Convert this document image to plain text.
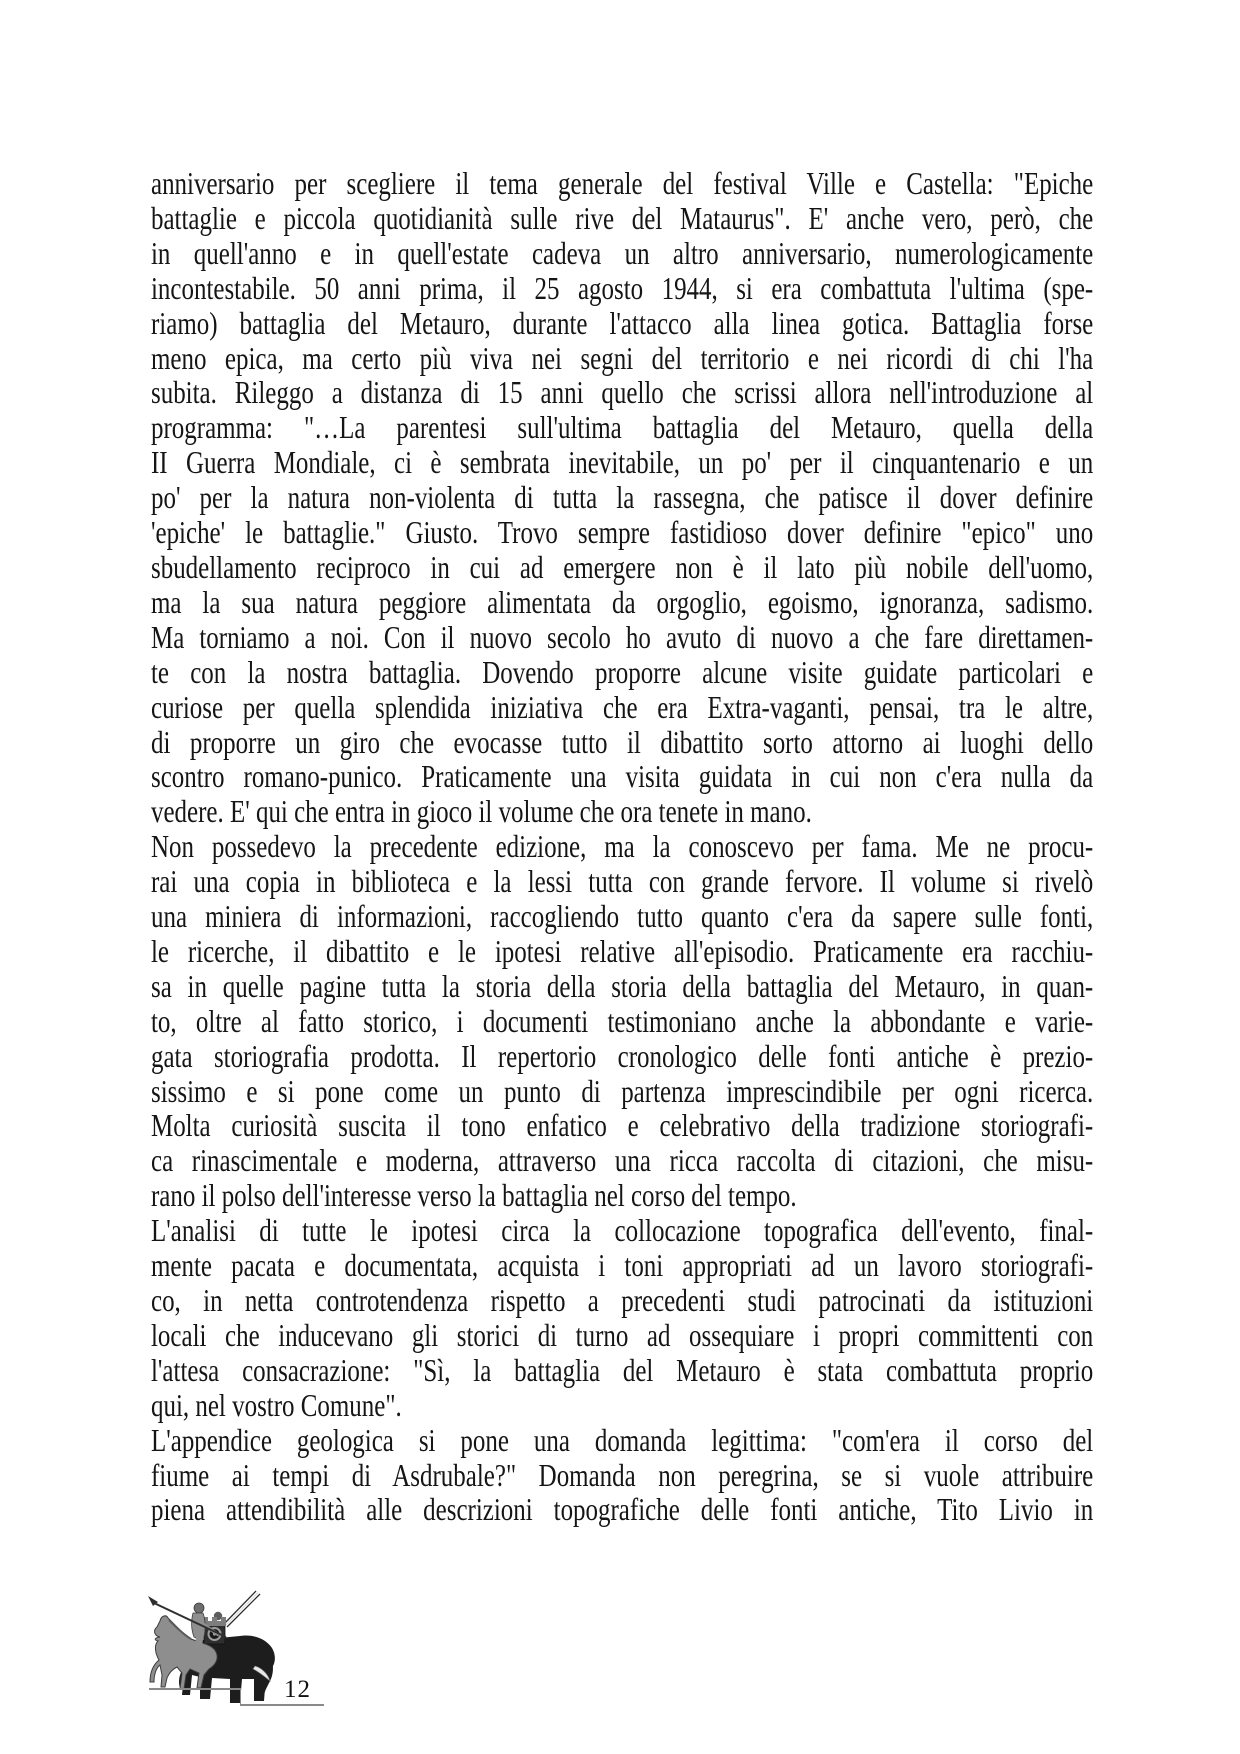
anniversario per scegliere il tema generale del festival Ville e Castella: "Epiche
battaglie e piccola quotidianità sulle rive del Mataurus". E' anche vero, però, che
in quell'anno e in quell'estate cadeva un altro anniversario, numerologicamente
incontestabile. 50 anni prima, il 25 agosto 1944, si era combattuta l'ultima (spe-
riamo) battaglia del Metauro, durante l'attacco alla linea gotica. Battaglia forse
meno epica, ma certo più viva nei segni del territorio e nei ricordi di chi l'ha
subita. Rileggo a distanza di 15 anni quello che scrissi allora nell'introduzione al
programma: "…La parentesi sull'ultima battaglia del Metauro, quella della
II Guerra Mondiale, ci è sembrata inevitabile, un po' per il cinquantenario e un
po' per la natura non-violenta di tutta la rassegna, che patisce il dover definire
'epiche' le battaglie." Giusto. Trovo sempre fastidioso dover definire "epico" uno
sbudellamento reciproco in cui ad emergere non è il lato più nobile dell'uomo,
ma la sua natura peggiore alimentata da orgoglio, egoismo, ignoranza, sadismo.
Ma torniamo a noi. Con il nuovo secolo ho avuto di nuovo a che fare direttamen-
te con la nostra battaglia. Dovendo proporre alcune visite guidate particolari e
curiose per quella splendida iniziativa che era Extra-vaganti, pensai, tra le altre,
di proporre un giro che evocasse tutto il dibattito sorto attorno ai luoghi dello
scontro romano-punico. Praticamente una visita guidata in cui non c'era nulla da
vedere. E' qui che entra in gioco il volume che ora tenete in mano.
Non possedevo la precedente edizione, ma la conoscevo per fama. Me ne procu-
rai una copia in biblioteca e la lessi tutta con grande fervore. Il volume si rivelò
una miniera di informazioni, raccogliendo tutto quanto c'era da sapere sulle fonti,
le ricerche, il dibattito e le ipotesi relative all'episodio. Praticamente era racchiu-
sa in quelle pagine tutta la storia della storia della battaglia del Metauro, in quan-
to, oltre al fatto storico, i documenti testimoniano anche la abbondante e varie-
gata storiografia prodotta. Il repertorio cronologico delle fonti antiche è prezio-
sissimo e si pone come un punto di partenza imprescindibile per ogni ricerca.
Molta curiosità suscita il tono enfatico e celebrativo della tradizione storiografi-
ca rinascimentale e moderna, attraverso una ricca raccolta di citazioni, che misu-
rano il polso dell'interesse verso la battaglia nel corso del tempo.
L'analisi di tutte le ipotesi circa la collocazione topografica dell'evento, final-
mente pacata e documentata, acquista i toni appropriati ad un lavoro storiografi-
co, in netta controtendenza rispetto a precedenti studi patrocinati da istituzioni
locali che inducevano gli storici di turno ad ossequiare i propri committenti con
l'attesa consacrazione: "Sì, la battaglia del Metauro è stata combattuta proprio
qui, nel vostro Comune".
L'appendice geologica si pone una domanda legittima: "com'era il corso del
fiume ai tempi di Asdrubale?" Domanda non peregrina, se si vuole attribuire
piena attendibilità alle descrizioni topografiche delle fonti antiche, Tito Livio in
12
